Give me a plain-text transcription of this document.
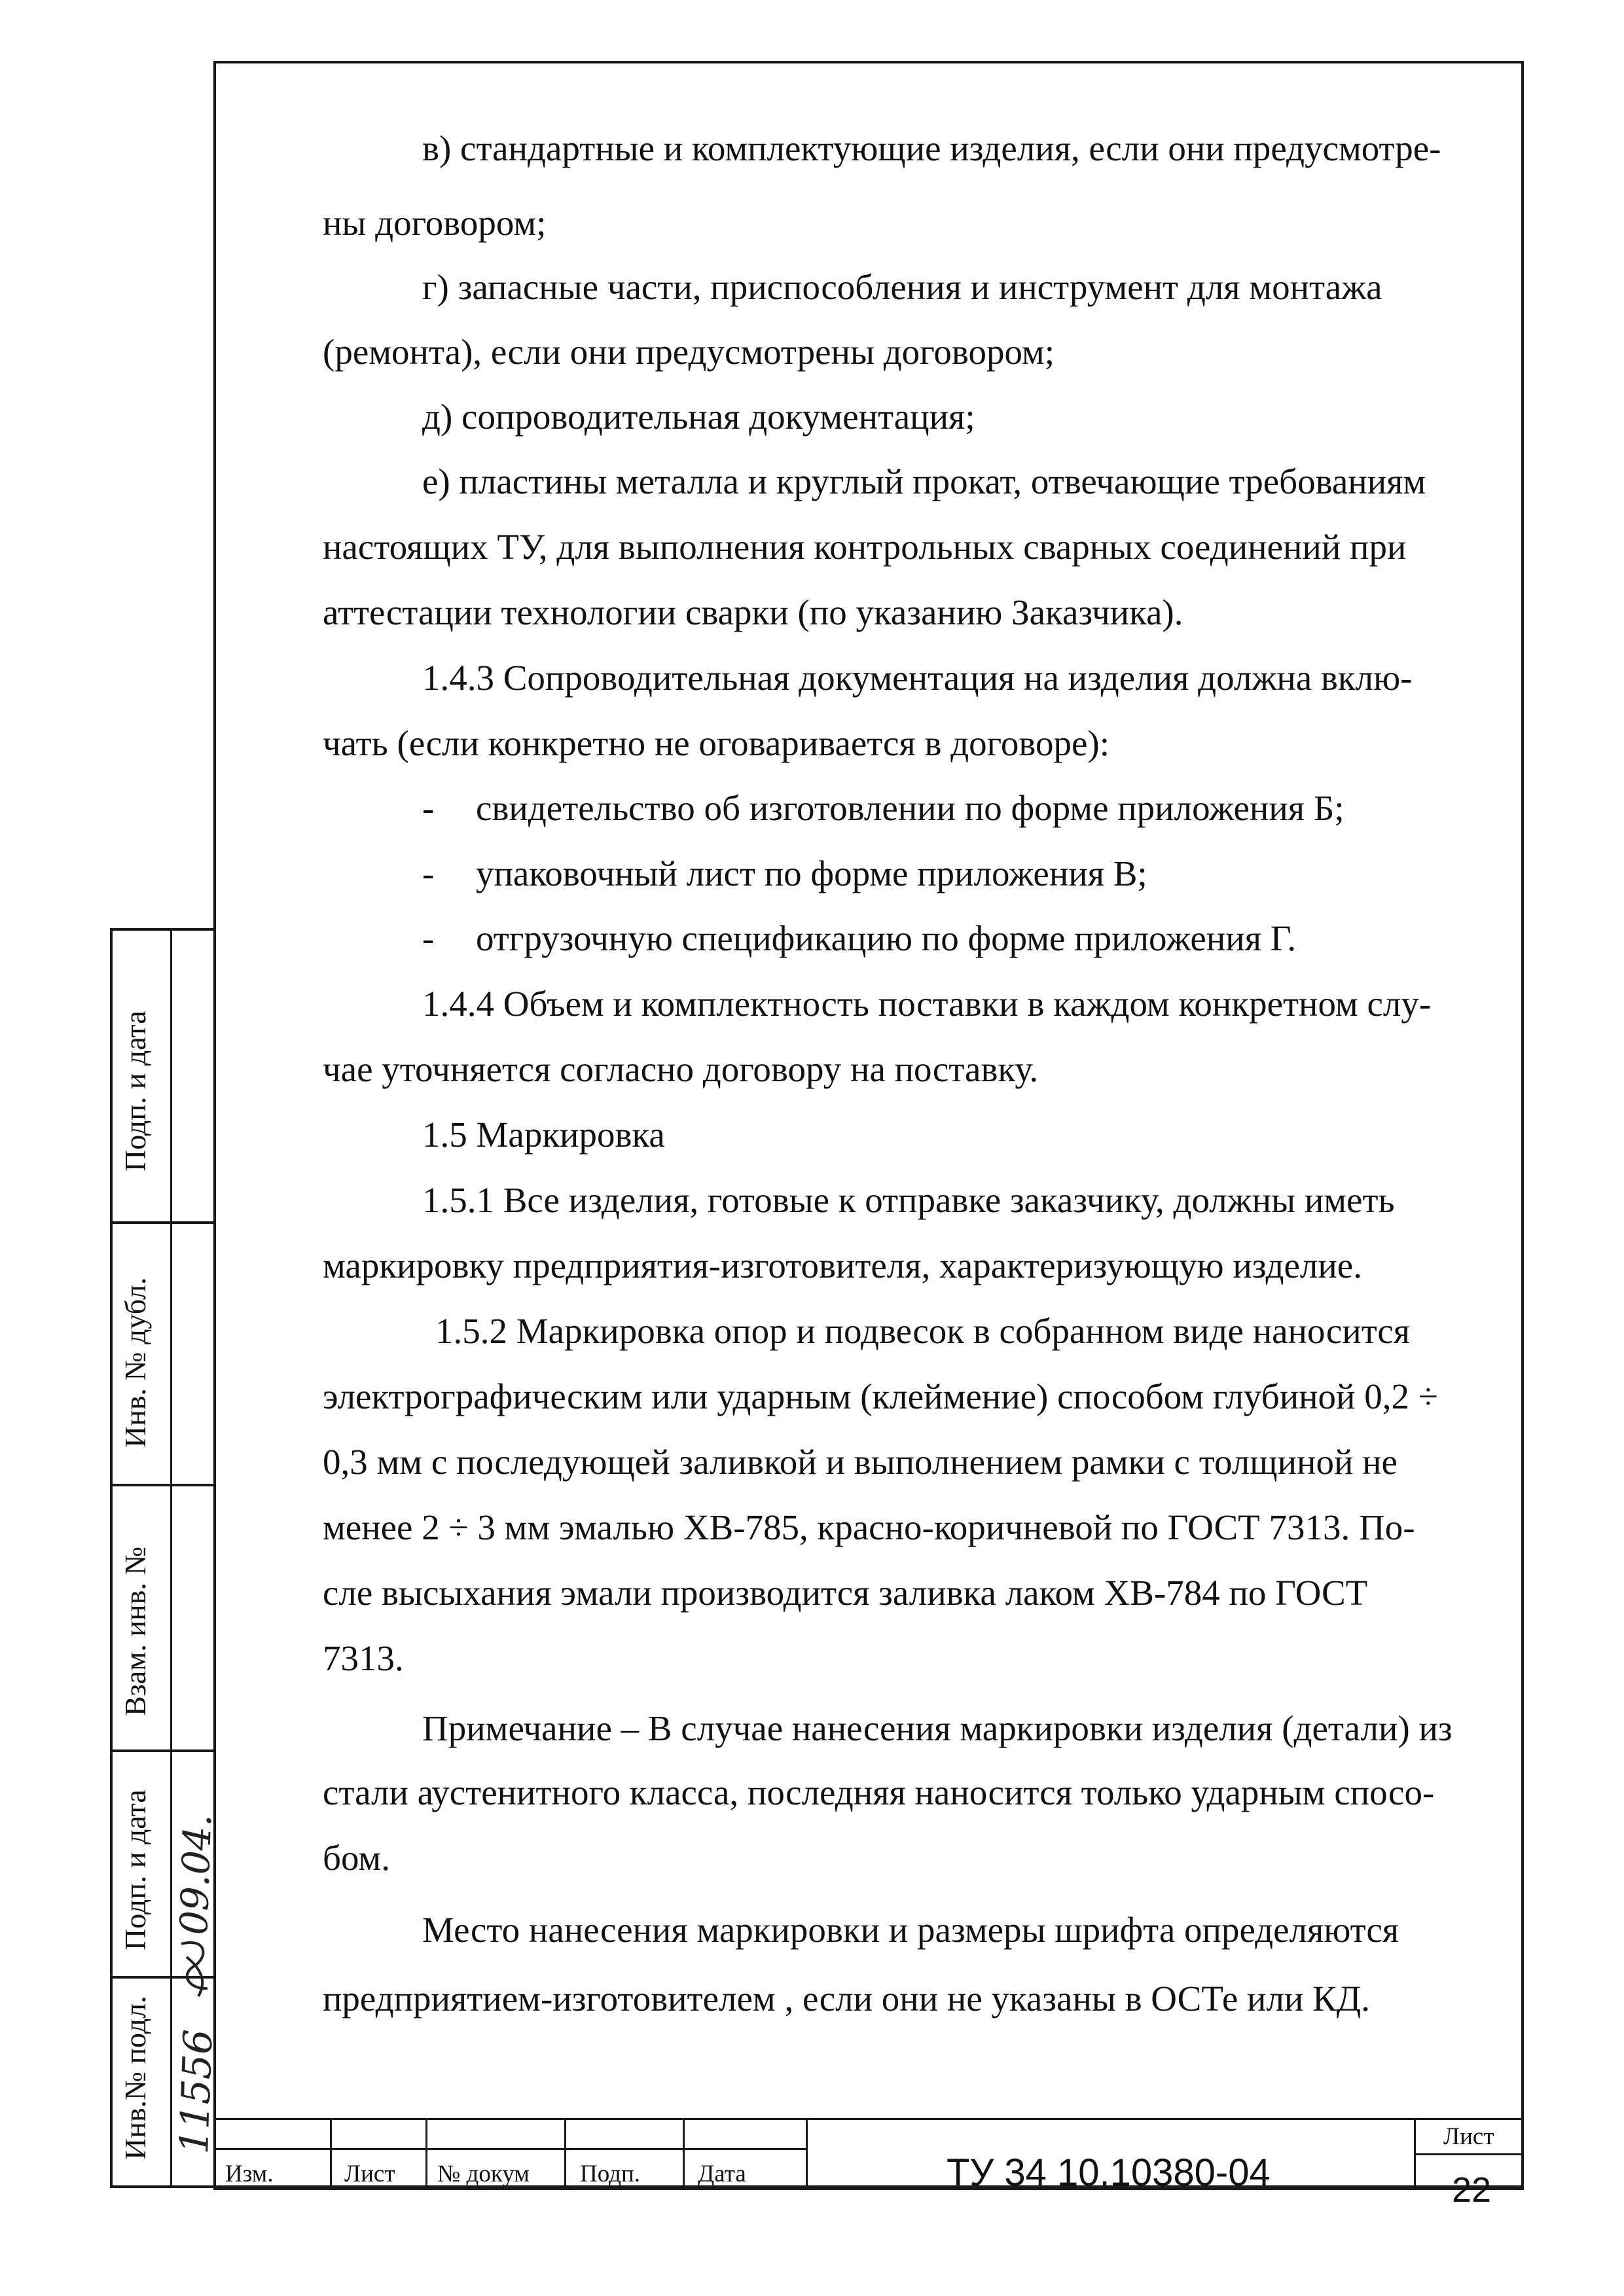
в) стандартные и комплектующие изделия, если они предусмотре-

ны договором;

г) запасные части, приспособления и инструмент для монтажа

(ремонта), если они предусмотрены договором;

д) сопроводительная документация;

е) пластины металла и круглый прокат, отвечающие требованиям

настоящих ТУ, для выполнения контрольных сварных соединений при

аттестации технологии сварки (по указанию Заказчика).

1.4.3 Сопроводительная документация на изделия должна вклю-

чать (если конкретно не оговаривается в договоре):

- свидетельство об изготовлении по форме приложения Б;
- упаковочный лист по форме приложения В;
- отгрузочную спецификацию по форме приложения Г.

1.4.4 Объем и комплектность поставки в каждом конкретном слу-

чае уточняется согласно договору на поставку.

1.5 Маркировка

1.5.1 Все изделия, готовые к отправке заказчику, должны иметь

маркировку предприятия-изготовителя, характеризующую изделие.

1.5.2 Маркировка опор и подвесок в собранном виде наносится

электрографическим или ударным (клеймение) способом глубиной 0,2 ÷

0,3 мм с последующей заливкой и выполнением рамки с толщиной не

менее 2 ÷ 3 мм эмалью ХВ-785, красно-коричневой по ГОСТ 7313. По-

сле высыхания эмали производится заливка лаком ХВ-784 по ГОСТ

7313.

Примечание – В случае нанесения маркировки изделия (детали) из

стали аустенитного класса, последняя наносится только ударным спосо-

бом.

Место нанесения маркировки и размеры шрифта определяются

предприятием-изготовителем , если они не указаны в ОСТе или КД.

Подп. и дата
Инв. № дубл.
Взам. инв. №
Подп. и дата
Инв.№ подл.
09.04.
11556
Изм.	Лист № докум Подп. Дата	ТУ 34 10.10380-04
Лист
22
